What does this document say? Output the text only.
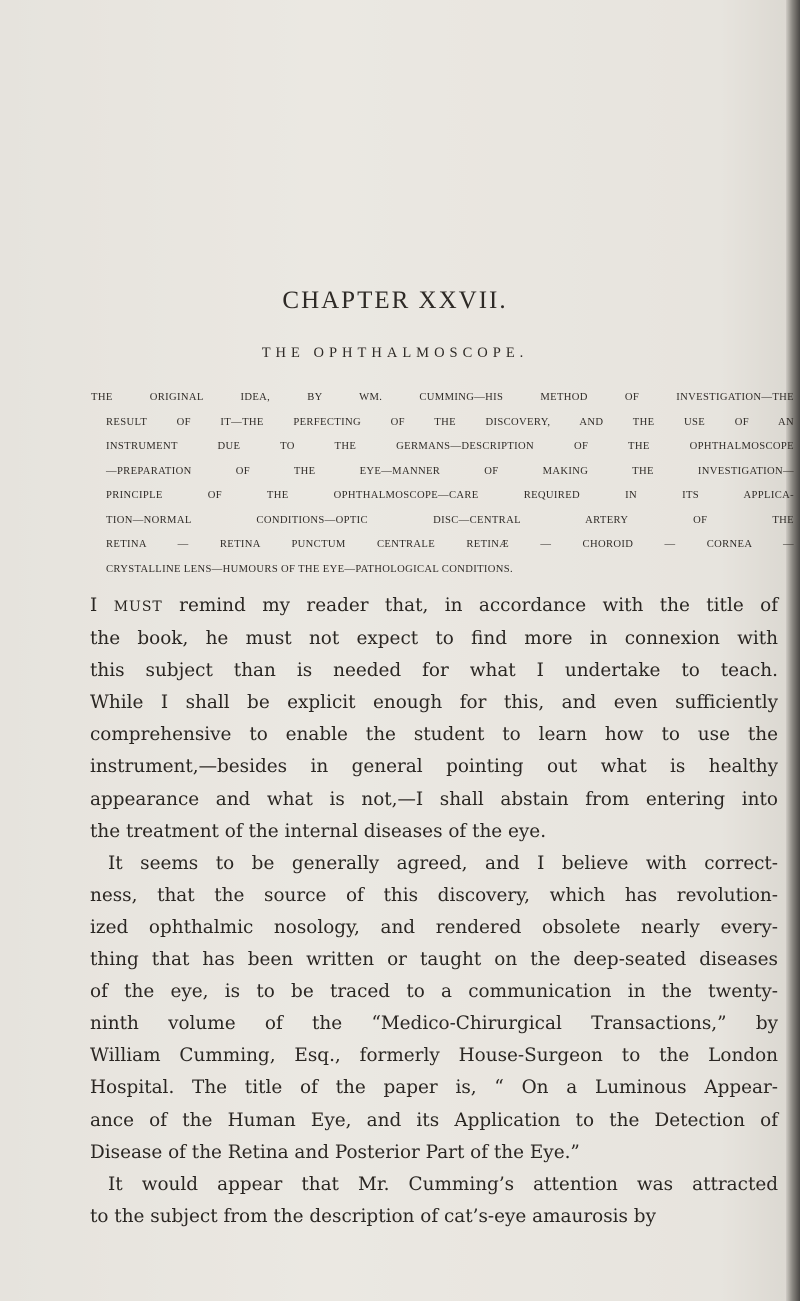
CHAPTER XXVII.
THE OPHTHALMOSCOPE.
THE ORIGINAL IDEA, BY WM. CUMMING—HIS METHOD OF INVESTIGATION—THE
RESULT OF IT—THE PERFECTING OF THE DISCOVERY, AND THE USE OF AN
INSTRUMENT DUE TO THE GERMANS—DESCRIPTION OF THE OPHTHALMOSCOPE
—PREPARATION OF THE EYE—MANNER OF MAKING THE INVESTIGATION—
PRINCIPLE OF THE OPHTHALMOSCOPE—CARE REQUIRED IN ITS APPLICA-
TION—NORMAL CONDITIONS—OPTIC DISC—CENTRAL ARTERY OF THE
RETINA — RETINA PUNCTUM CENTRALE RETINÆ — CHOROID — CORNEA —
CRYSTALLINE LENS—HUMOURS OF THE EYE—PATHOLOGICAL CONDITIONS.
I MUST remind my reader that, in accordance with the title of
the book, he must not expect to find more in connexion with
this subject than is needed for what I undertake to teach.
While I shall be explicit enough for this, and even sufficiently
comprehensive to enable the student to learn how to use the
instrument,—besides in general pointing out what is healthy
appearance and what is not,—I shall abstain from entering into
the treatment of the internal diseases of the eye.
It seems to be generally agreed, and I believe with correct-
ness, that the source of this discovery, which has revolution-
ized ophthalmic nosology, and rendered obsolete nearly every-
thing that has been written or taught on the deep-seated diseases
of the eye, is to be traced to a communication in the twenty-
ninth volume of the “Medico-Chirurgical Transactions,” by
William Cumming, Esq., formerly House-Surgeon to the London
Hospital. The title of the paper is, “ On a Luminous Appear-
ance of the Human Eye, and its Application to the Detection of
Disease of the Retina and Posterior Part of the Eye.”
It would appear that Mr. Cumming’s attention was attracted
to the subject from the description of cat’s-eye amaurosis by
